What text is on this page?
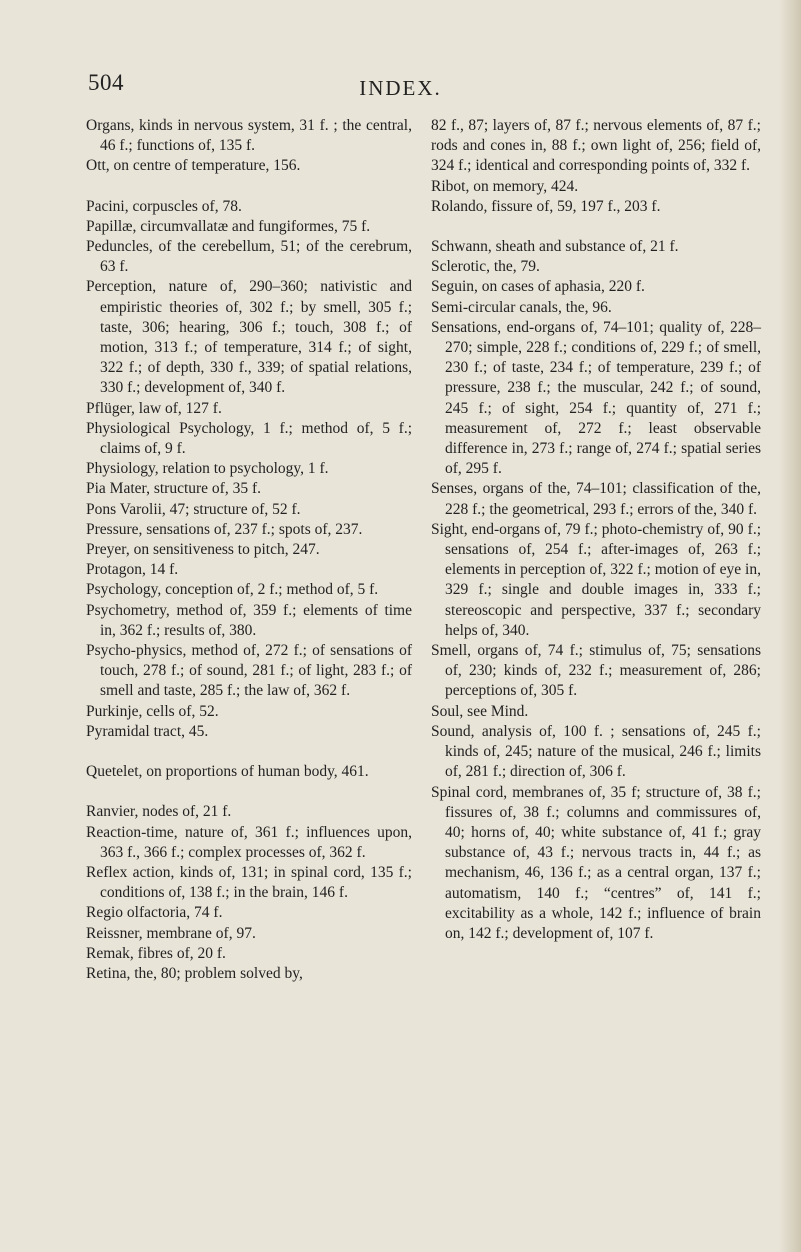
504	INDEX.

Organs, kinds in nervous system, 31 f. ; the central, 46 f.; functions of, 135 f.

Ott, on centre of temperature, 156.

Pacini, corpuscles of, 78.

Papillæ, circumvallatæ and fungiformes, 75 f.

Peduncles, of the cerebellum, 51; of the cerebrum, 63 f.

Perception, nature of, 290–360; nativistic and empiristic theories of, 302 f.; by smell, 305 f.; taste, 306; hearing, 306 f.; touch, 308 f.; of motion, 313 f.; of temperature, 314 f.; of sight, 322 f.; of depth, 330 f., 339; of spatial relations, 330 f.; development of, 340 f.

Pflüger, law of, 127 f.

Physiological Psychology, 1 f.; method of, 5 f.; claims of, 9 f.

Physiology, relation to psychology, 1 f.

Pia Mater, structure of, 35 f.

Pons Varolii, 47; structure of, 52 f.

Pressure, sensations of, 237 f.; spots of, 237.

Preyer, on sensitiveness to pitch, 247.

Protagon, 14 f.

Psychology, conception of, 2 f.; method of, 5 f.

Psychometry, method of, 359 f.; elements of time in, 362 f.; results of, 380.

Psycho-physics, method of, 272 f.; of sensations of touch, 278 f.; of sound, 281 f.; of light, 283 f.; of smell and taste, 285 f.; the law of, 362 f.

Purkinje, cells of, 52.

Pyramidal tract, 45.

Quetelet, on proportions of human body, 461.

Ranvier, nodes of, 21 f.

Reaction-time, nature of, 361 f.; influences upon, 363 f., 366 f.; complex processes of, 362 f.

Reflex action, kinds of, 131; in spinal cord, 135 f.; conditions of, 138 f.; in the brain, 146 f.

Regio olfactoria, 74 f.

Reissner, membrane of, 97.

Remak, fibres of, 20 f.

Retina, the, 80; problem solved by,

82 f., 87; layers of, 87 f.; nervous elements of, 87 f.; rods and cones in, 88 f.; own light of, 256; field of, 324 f.; identical and corresponding points of, 332 f.

Ribot, on memory, 424.

Rolando, fissure of, 59, 197 f., 203 f.

Schwann, sheath and substance of, 21 f.

Sclerotic, the, 79.

Seguin, on cases of aphasia, 220 f.

Semi-circular canals, the, 96.

Sensations, end-organs of, 74–101; quality of, 228–270; simple, 228 f.; conditions of, 229 f.; of smell, 230 f.; of taste, 234 f.; of temperature, 239 f.; of pressure, 238 f.; the muscular, 242 f.; of sound, 245 f.; of sight, 254 f.; quantity of, 271 f.; measurement of, 272 f.; least observable difference in, 273 f.; range of, 274 f.; spatial series of, 295 f.

Senses, organs of the, 74–101; classification of the, 228 f.; the geometrical, 293 f.; errors of the, 340 f.

Sight, end-organs of, 79 f.; photo-chemistry of, 90 f.; sensations of, 254 f.; after-images of, 263 f.; elements in perception of, 322 f.; motion of eye in, 329 f.; single and double images in, 333 f.; stereoscopic and perspective, 337 f.; secondary helps of, 340.

Smell, organs of, 74 f.; stimulus of, 75; sensations of, 230; kinds of, 232 f.; measurement of, 286; perceptions of, 305 f.

Soul, see Mind.

Sound, analysis of, 100 f. ; sensations of, 245 f.; kinds of, 245; nature of the musical, 246 f.; limits of, 281 f.; direction of, 306 f.

Spinal cord, membranes of, 35 f; structure of, 38 f.; fissures of, 38 f.; columns and commissures of, 40; horns of, 40; white substance of, 41 f.; gray substance of, 43 f.; nervous tracts in, 44 f.; as mechanism, 46, 136 f.; as a central organ, 137 f.; automatism, 140 f.; “centres” of, 141 f.; excitability as a whole, 142 f.; influence of brain on, 142 f.; development of, 107 f.
